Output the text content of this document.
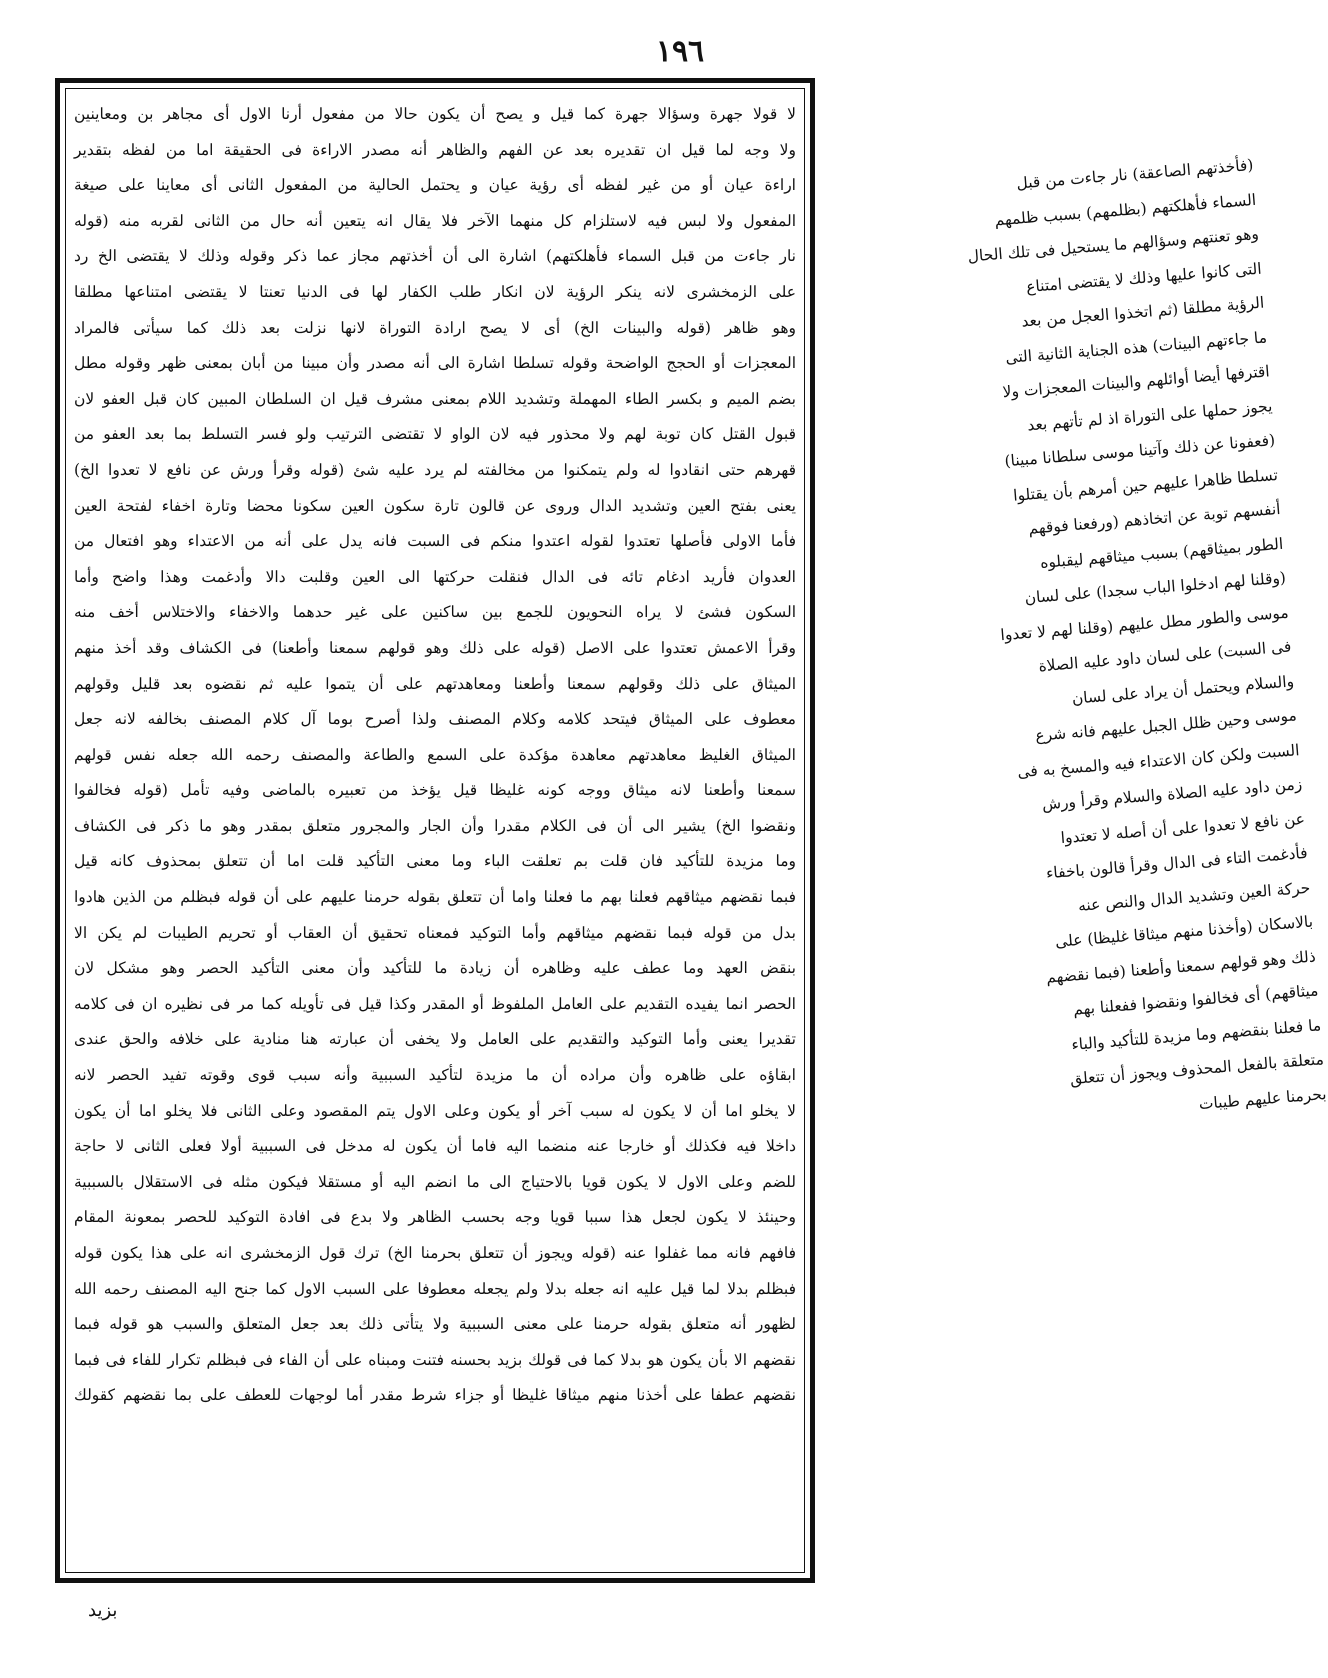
١٩٦
لا قولا جهرة وسؤالا جهرة كما قيل و يصح أن يكون حالا من مفعول أرنا الاول أى مجاهر بن ومعاينين
ولا وجه لما قيل ان تقديره بعد عن الفهم والظاهر أنه مصدر الاراءة فى الحقيقة اما من لفظه بتقدير
اراءة عيان أو من غير لفظه أى رؤية عيان و يحتمل الحالية من المفعول الثانى أى معاينا على صيغة
المفعول ولا لبس فيه لاستلزام كل منهما الآخر فلا يقال انه يتعين أنه حال من الثانى لقربه منه (قوله
نار جاءت من قبل السماء فأهلكتهم) اشارة الى أن أخذتهم مجاز عما ذكر وقوله وذلك لا يقتضى الخ رد
على الزمخشرى لانه ينكر الرؤية لان انكار طلب الكفار لها فى الدنيا تعنتا لا يقتضى امتناعها مطلقا
وهو ظاهر (قوله والبينات الخ) أى لا يصح ارادة التوراة لانها نزلت بعد ذلك كما سيأتى فالمراد
المعجزات أو الحجج الواضحة وقوله تسلطا اشارة الى أنه مصدر وأن مبينا من أبان بمعنى ظهر وقوله مطل
بضم الميم و بكسر الطاء المهملة وتشديد اللام بمعنى مشرف قيل ان السلطان المبين كان قبل العفو لان
قبول القتل كان توبة لهم ولا محذور فيه لان الواو لا تقتضى الترتيب ولو فسر التسلط بما بعد العفو من
قهرهم حتى انقادوا له ولم يتمكنوا من مخالفته لم يرد عليه شئ (قوله وقرأ ورش عن نافع لا تعدوا الخ)
يعنى بفتح العين وتشديد الدال وروى عن قالون تارة سكون العين سكونا محضا وتارة اخفاء لفتحة العين
فأما الاولى فأصلها تعتدوا لقوله اعتدوا منكم فى السبت فانه يدل على أنه من الاعتداء وهو افتعال من
العدوان فأريد ادغام تائه فى الدال فنقلت حركتها الى العين وقلبت دالا وأدغمت وهذا واضح وأما
السكون فشئ لا يراه النحويون للجمع بين ساكنين على غير حدهما والاخفاء والاختلاس أخف منه
وقرأ الاعمش تعتدوا على الاصل (قوله على ذلك وهو قولهم سمعنا وأطعنا) فى الكشاف وقد أخذ منهم
الميثاق على ذلك وقولهم سمعنا وأطعنا ومعاهدتهم على أن يتموا عليه ثم نقضوه بعد قليل وقولهم
معطوف على الميثاق فيتحد كلامه وكلام المصنف ولذا أصرح بوما آل كلام المصنف بخالفه لانه جعل
الميثاق الغليظ معاهدتهم معاهدة مؤكدة على السمع والطاعة والمصنف رحمه الله جعله نفس قولهم
سمعنا وأطعنا لانه ميثاق ووجه كونه غليظا قيل يؤخذ من تعبيره بالماضى وفيه تأمل (قوله فخالفوا
ونقضوا الخ) يشير الى أن فى الكلام مقدرا وأن الجار والمجرور متعلق بمقدر وهو ما ذكر فى الكشاف
وما مزيدة للتأكيد فان قلت بم تعلقت الباء وما معنى التأكيد قلت اما أن تتعلق بمحذوف كانه قيل
فبما نقضهم ميثاقهم فعلنا بهم ما فعلنا واما أن تتعلق بقوله حرمنا عليهم على أن قوله فبظلم من الذين هادوا
بدل من قوله فبما نقضهم ميثاقهم وأما التوكيد فمعناه تحقيق أن العقاب أو تحريم الطيبات لم يكن الا
بنقض العهد وما عطف عليه وظاهره أن زيادة ما للتأكيد وأن معنى التأكيد الحصر وهو مشكل لان
الحصر انما يفيده التقديم على العامل الملفوظ أو المقدر وكذا قيل فى تأويله كما مر فى نظيره ان فى كلامه
تقديرا يعنى وأما التوكيد والتقديم على العامل ولا يخفى أن عبارته هنا منادية على خلافه والحق عندى
ابقاؤه على ظاهره وأن مراده أن ما مزيدة لتأكيد السببية وأنه سبب قوى وقوته تفيد الحصر لانه
لا يخلو اما أن لا يكون له سبب آخر أو يكون وعلى الاول يتم المقصود وعلى الثانى فلا يخلو اما أن يكون
داخلا فيه فكذلك أو خارجا عنه منضما اليه فاما أن يكون له مدخل فى السببية أولا فعلى الثانى لا حاجة
للضم وعلى الاول لا يكون قويا بالاحتياج الى ما انضم اليه أو مستقلا فيكون مثله فى الاستقلال بالسببية
وحينئذ لا يكون لجعل هذا سببا قويا وجه بحسب الظاهر ولا بدع فى افادة التوكيد للحصر بمعونة المقام
فافهم فانه مما غفلوا عنه (قوله ويجوز أن تتعلق بحرمنا الخ) ترك قول الزمخشرى انه على هذا يكون قوله
فبظلم بدلا لما قيل عليه انه جعله بدلا ولم يجعله معطوفا على السبب الاول كما جنح اليه المصنف رحمه الله
لظهور أنه متعلق بقوله حرمنا على معنى السببية ولا يتأتى ذلك بعد جعل المتعلق والسبب هو قوله فبما
نقضهم الا بأن يكون هو بدلا كما فى قولك بزيد بحسنه فتنت ومبناه على أن الفاء فى فبظلم تكرار للفاء فى فبما
نقضهم عطفا على أخذنا منهم ميثاقا غليظا أو جزاء شرط مقدر أما لوجهات للعطف على بما نقضهم كقولك
(فأخذتهم الصاعقة) نار جاءت من قبل
السماء فأهلكتهم (بظلمهم) بسبب ظلمهم
وهو تعنتهم وسؤالهم ما يستحيل فى تلك الحال
التى كانوا عليها وذلك لا يقتضى امتناع
الرؤية مطلقا (ثم اتخذوا العجل من بعد
ما جاءتهم البينات) هذه الجناية الثانية التى
اقترفها أيضا أوائلهم والبينات المعجزات ولا
يجوز حملها على التوراة اذ لم تأتهم بعد
(فعفونا عن ذلك وآتينا موسى سلطانا مبينا)
تسلطا ظاهرا عليهم حين أمرهم بأن يقتلوا
أنفسهم توبة عن اتخاذهم (ورفعنا فوقهم
الطور بميثاقهم) بسبب ميثاقهم ليقبلوه
(وقلنا لهم ادخلوا الباب سجدا) على لسان
موسى والطور مطل عليهم (وقلنا لهم لا تعدوا
فى السبت) على لسان داود عليه الصلاة
والسلام ويحتمل أن يراد على لسان
موسى وحين ظلل الجبل عليهم فانه شرع
السبت ولكن كان الاعتداء فيه والمسخ به فى
زمن داود عليه الصلاة والسلام وقرأ ورش
عن نافع لا تعدوا على أن أصله لا تعتدوا
فأدغمت التاء فى الدال وقرأ قالون باخفاء
حركة العين وتشديد الدال والنص عنه
بالاسكان (وأخذنا منهم ميثاقا غليظا) على
ذلك وهو قولهم سمعنا وأطعنا (فبما نقضهم
ميثاقهم) أى فخالفوا ونقضوا ففعلنا بهم
ما فعلنا بنقضهم وما مزيدة للتأكيد والباء
متعلقة بالفعل المحذوف ويجوز أن تتعلق
بحرمنا عليهم طيبات
بزيد
